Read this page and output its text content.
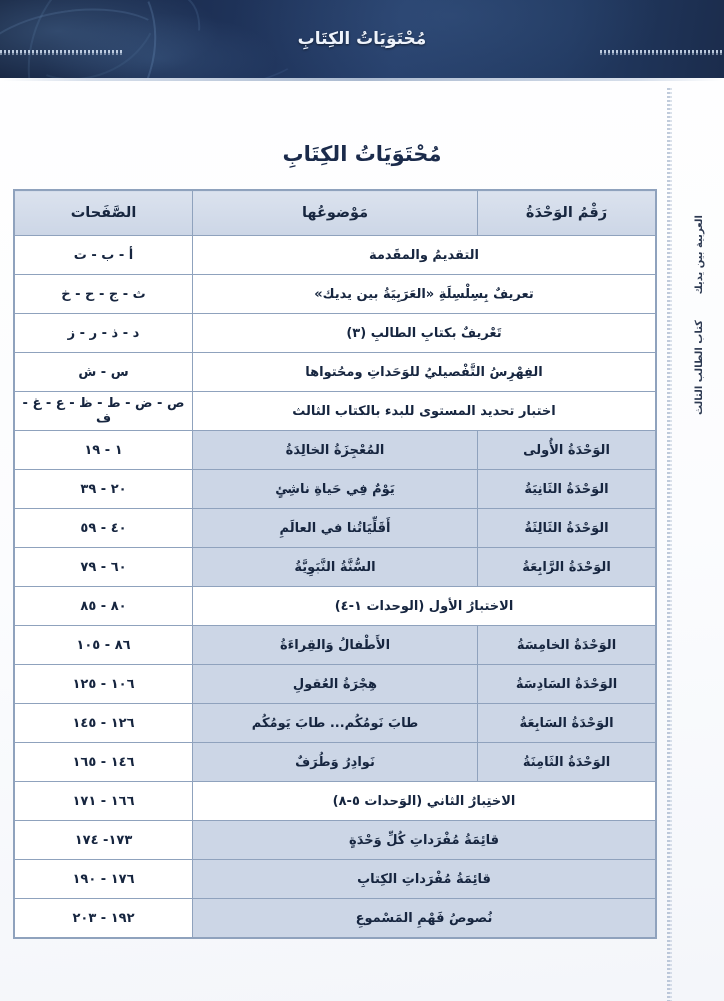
مُحْتَوَيَاتُ الكِتَابِ
العربية بين يديك
كتاب الطالب الثالث
مُحْتَوَيَاتُ الكِتَابِ
رَقْمُ الوَحْدَةُ	مَوْضوعُها	الصَّفَحات
التقديمُ والمقَدمة		أ - ب - ت
تعريفٌ بِسِلْسِلَةِ «العَرَبِيَةُ بين يديك»		ث - ج - ح - خ
تَعْريفٌ بكتابِ الطالبِ (٣)		د - ذ - ر - ز
الفِهْرِسُ التَّفْصيليُ للوَحَداتِ ومحُتواها		س - ش
اختبار تحديد المستوى للبدء بالكتاب الثالث		ص - ض - ط - ظ - ع - غ - ف
الوَحْدَةُ الأُولى	المُعْجِزَةُ الخالِدَةُ	١ - ١٩
الوَحْدَةُ الثَانِيَةُ	يَوْمٌ فِي حَياةِ ناشِئٍ	٢٠ - ٣٩
الوَحْدَةُ الثَالِثَةُ	أَقَلِّيَاتُنا في العالَمِ	٤٠ - ٥٩
الوَحْدَةُ الرَّابِعَةُ	السُّنَّةُ النَّبَوِيَّةُ	٦٠ - ٧٩
الاختبارُ الأول (الوحدات ١-٤)		٨٠ - ٨٥
الوَحْدَةُ الخامِسَةُ	الأَطْفالُ وَالقِراءَةُ	٨٦ - ١٠٥
الوَحْدَةُ السَادِسَةُ	هِجْرَةُ العُقولِ	١٠٦ - ١٢٥
الوَحْدَةُ السَابِعَةُ	طابَ نَومُكُم... طابَ يَومُكُم	١٢٦ - ١٤٥
الوَحْدَةُ الثَامِنَةُ	نَوادِرُ وَطُرَفٌ	١٤٦ - ١٦٥
الاختِبارُ الثاني (الوَحدات ٥-٨)		١٦٦ - ١٧١
قائِمَةُ مُفْرَداتِ كُلِّ وَحْدَةٍ		١٧٣- ١٧٤
قائِمَةُ مُفْرَداتِ الكِتابِ		١٧٦ - ١٩٠
نُصوصُ فَهْمِ المَسْموعِ		١٩٢ - ٢٠٣
